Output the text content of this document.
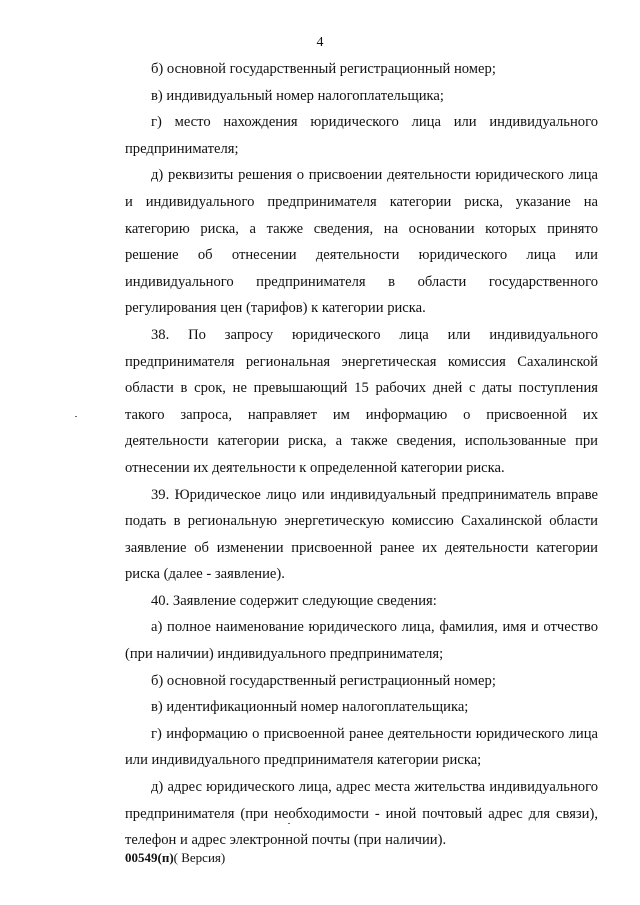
4

б) основной государственный регистрационный номер;

в) индивидуальный номер налогоплательщика;

г) место нахождения юридического лица или индивидуального предпринимателя;

д) реквизиты решения о присвоении деятельности юридического лица и индивидуального предпринимателя категории риска, указание на категорию риска, а также сведения, на основании которых принято решение об отнесении деятельности юридического лица или индивидуального предпринимателя в области государственного регулирования цен (тарифов) к категории риска.

38. По запросу юридического лица или индивидуального предпринимателя региональная энергетическая комиссия Сахалинской области в срок, не превышающий 15 рабочих дней с даты поступления такого запроса, направляет им информацию о присвоенной их деятельности категории риска, а также сведения, использованные при отнесении их деятельности к определенной категории риска.

39. Юридическое лицо или индивидуальный предприниматель вправе подать в региональную энергетическую комиссию Сахалинской области заявление об изменении присвоенной ранее их деятельности категории риска (далее - заявление).

40. Заявление содержит следующие сведения:

а) полное наименование юридического лица, фамилия, имя и отчество (при наличии) индивидуального предпринимателя;

б) основной государственный регистрационный номер;

в) идентификационный номер налогоплательщика;

г) информацию о присвоенной ранее деятельности юридического лица или индивидуального предпринимателя категории риска;

д) адрес юридического лица, адрес места жительства индивидуального предпринимателя (при необходимости - иной почтовый адрес для связи), телефон и адрес электронной почты (при наличии).

00549(п)( Версия)
